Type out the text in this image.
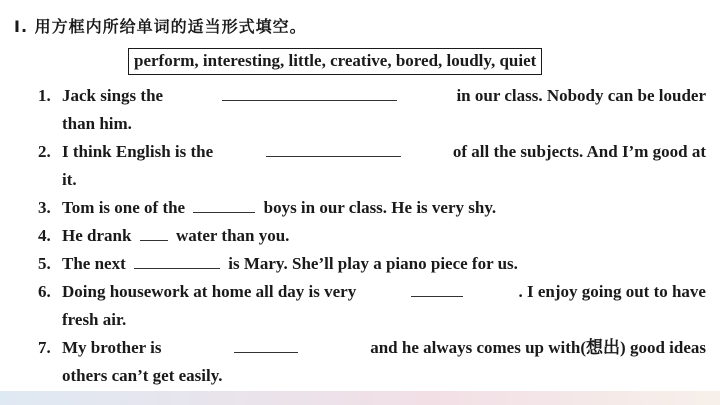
Ⅰ. 用方框内所给单词的适当形式填空。
perform, interesting, little, creative, bored, loudly, quiet
1. Jack sings the	in our class. Nobody can be louder
than him.
2. I think English is the	of all the subjects. And I’m good at
it.
3. Tom is one of the	boys in our class. He is very shy.
4. He drank	water than you.
5. The next	is Mary. She’ll play a piano piece for us.
6. Doing housework at home all day is very	. I enjoy going out to have
fresh air.
7. My brother is	and he always comes up with(想出) good ideas
others can’t get easily.
